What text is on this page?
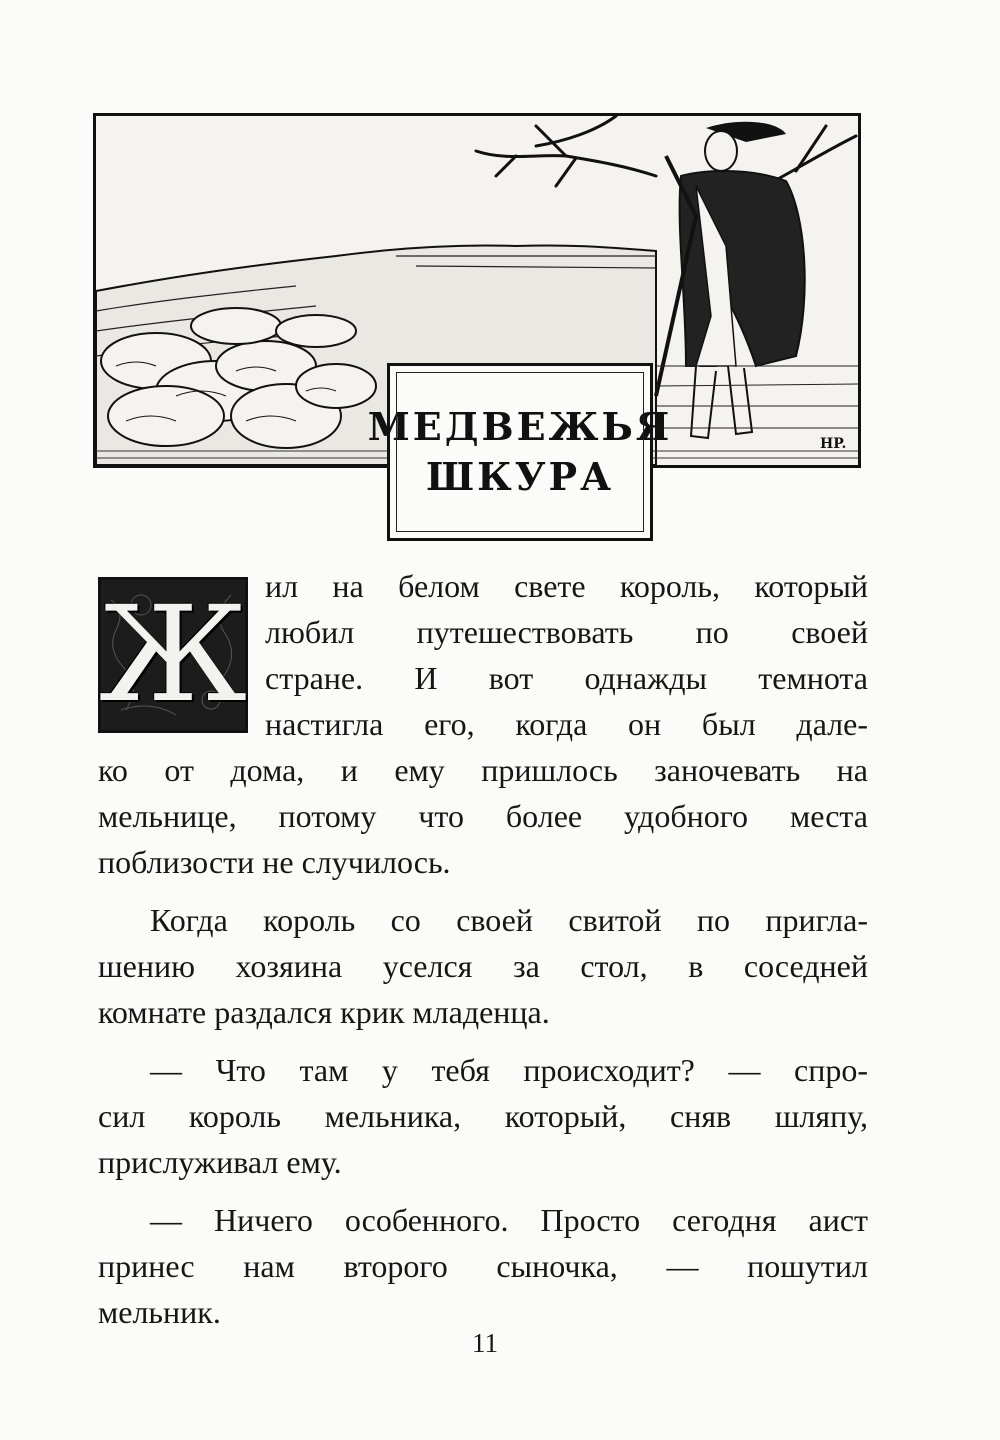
МЕДВЕЖЬЯ
ШКУРА
HP.
Ж ил на белом свете король, который

любил путешествовать по своей

стране. И вот однажды темнота

настигла его, когда он был дале-

ко от дома, и ему пришлось заночевать на

мельнице, потому что более удобного места

поблизости не случилось.

Когда король со своей свитой по пригла-

шению хозяина уселся за стол, в соседней

комнате раздался крик младенца.

— Что там у тебя происходит? — спро-

сил король мельника, который, сняв шляпу,

прислуживал ему.

— Ничего особенного. Просто сегодня аист

принес нам второго сыночка, — пошутил

мельник.

11
